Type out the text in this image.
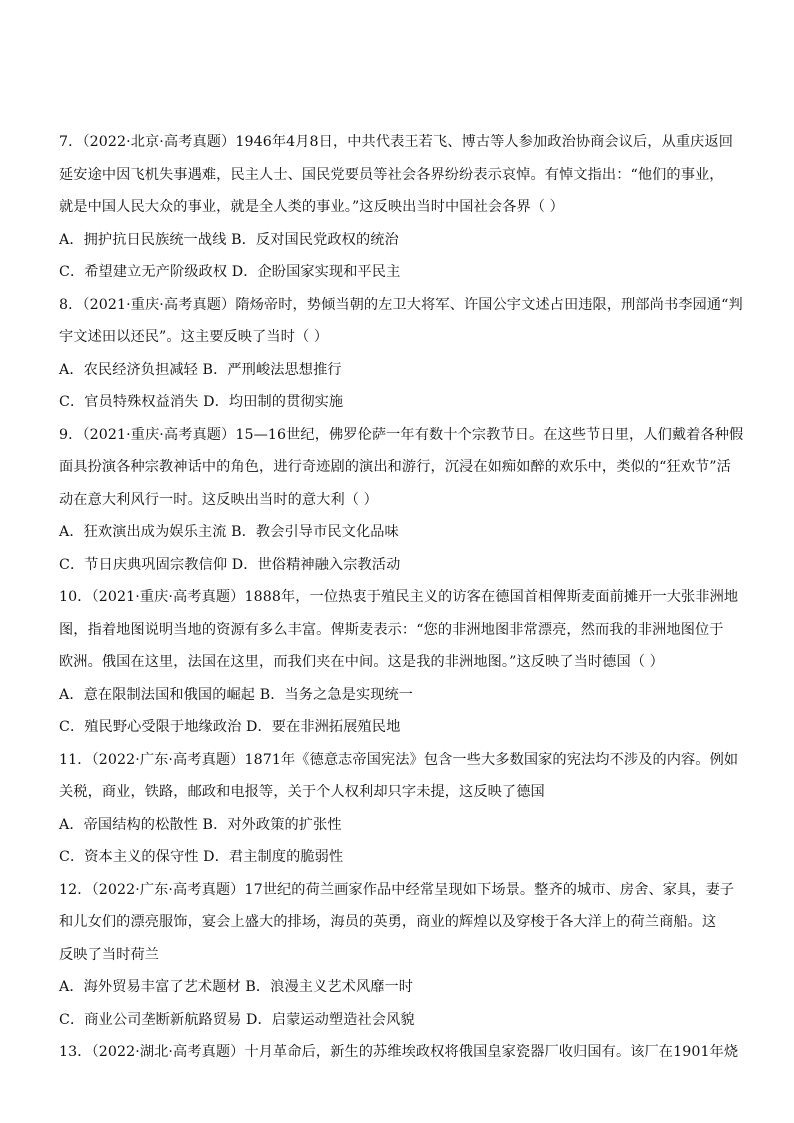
7．（2022·北京·高考真题）1946年4月8日，中共代表王若飞、博古等人参加政治协商会议后，从重庆返回
延安途中因飞机失事遇难，民主人士、国民党要员等社会各界纷纷表示哀悼。有悼文指出：“他们的事业，
就是中国人民大众的事业，就是全人类的事业。”这反映出当时中国社会各界（ ）
A．拥护抗日民族统一战线 B．反对国民党政权的统治
C．希望建立无产阶级政权 D．企盼国家实现和平民主
8．（2021·重庆·高考真题）隋炀帝时，势倾当朝的左卫大将军、许国公宇文述占田违限，刑部尚书李园通“判
宇文述田以还民”。这主要反映了当时（ ）
A．农民经济负担减轻 B．严刑峻法思想推行
C．官员特殊权益消失 D．均田制的贯彻实施
9．（2021·重庆·高考真题）15—16世纪，佛罗伦萨一年有数十个宗教节日。在这些节日里，人们戴着各种假
面具扮演各种宗教神话中的角色，进行奇迹剧的演出和游行，沉浸在如痴如醉的欢乐中，类似的“狂欢节”活
动在意大利风行一时。这反映出当时的意大利（ ）
A．狂欢演出成为娱乐主流 B．教会引导市民文化品味
C．节日庆典巩固宗教信仰 D．世俗精神融入宗教活动
10．（2021·重庆·高考真题）1888年，一位热衷于殖民主义的访客在德国首相俾斯麦面前摊开一大张非洲地
图，指着地图说明当地的资源有多么丰富。俾斯麦表示：“您的非洲地图非常漂亮，然而我的非洲地图位于
欧洲。俄国在这里，法国在这里，而我们夹在中间。这是我的非洲地图。”这反映了当时德国（ ）
A．意在限制法国和俄国的崛起 B．当务之急是实现统一
C．殖民野心受限于地缘政治 D．要在非洲拓展殖民地
11．（2022·广东·高考真题）1871年《德意志帝国宪法》包含一些大多数国家的宪法均不涉及的内容。例如
关税，商业，铁路，邮政和电报等，关于个人权利却只字未提，这反映了德国
A．帝国结构的松散性 B．对外政策的扩张性
C．资本主义的保守性 D．君主制度的脆弱性
12．（2022·广东·高考真题）17世纪的荷兰画家作品中经常呈现如下场景。整齐的城市、房舍、家具，妻子
和儿女们的漂亮服饰，宴会上盛大的排场，海员的英勇，商业的辉煌以及穿梭于各大洋上的荷兰商船。这
反映了当时荷兰
A．海外贸易丰富了艺术题材 B．浪漫主义艺术风靡一时
C．商业公司垄断新航路贸易 D．启蒙运动塑造社会风貌
13．（2022·湖北·高考真题）十月革命后，新生的苏维埃政权将俄国皇家瓷器厂收归国有。该厂在1901年烧
